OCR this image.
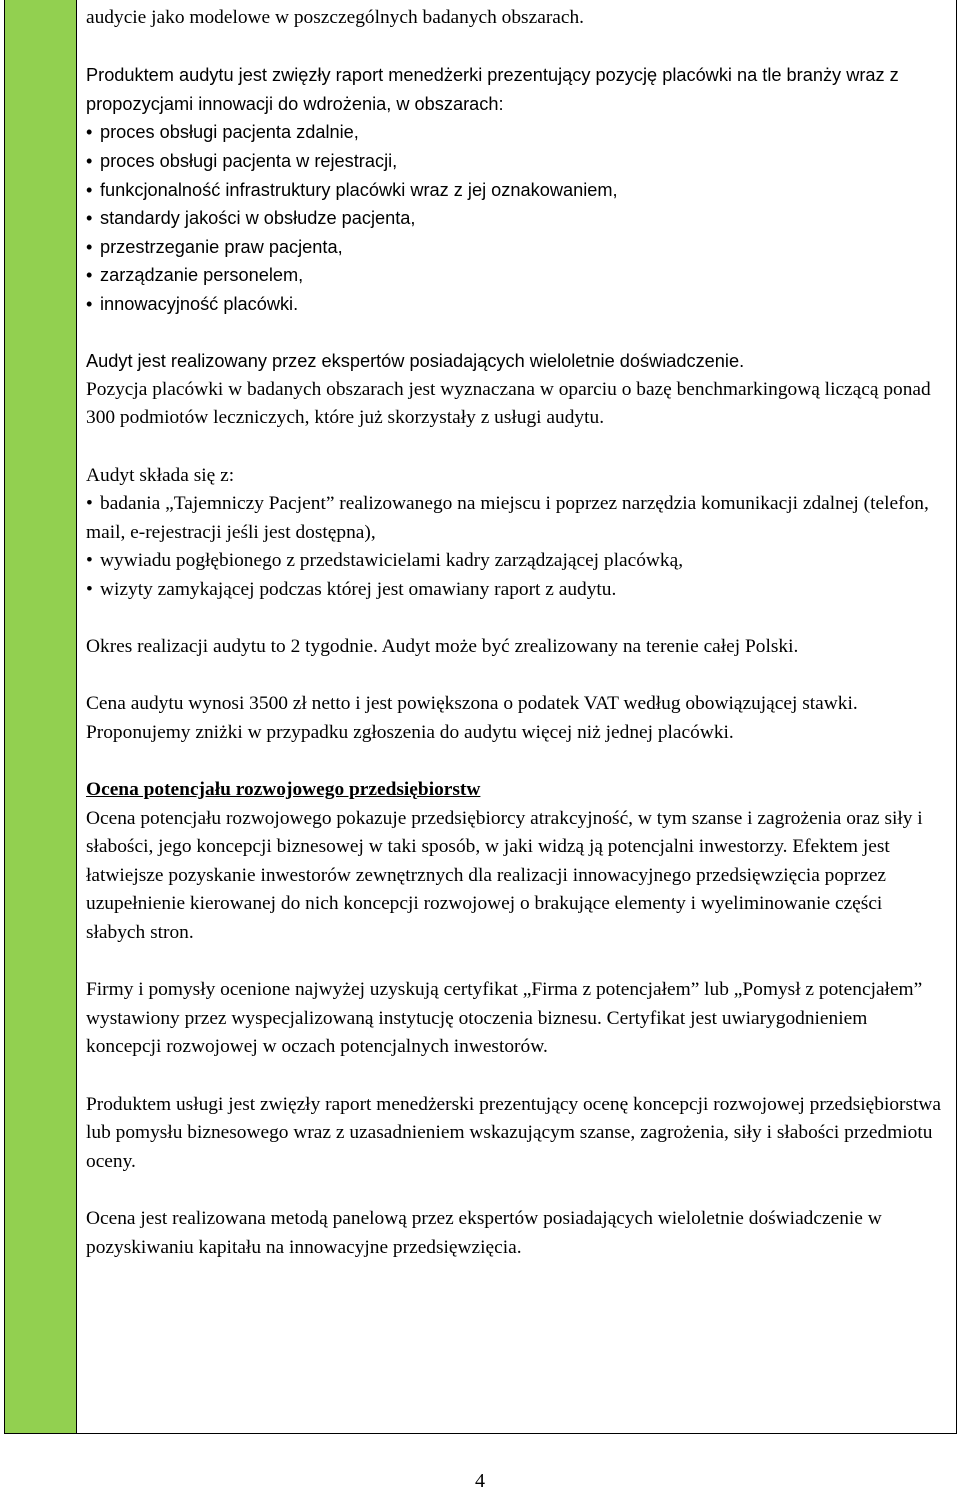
audycie jako modelowe w poszczególnych badanych obszarach.

Produktem audytu jest zwięzły raport menedżerki prezentujący pozycję placówki na tle branży wraz z propozycjami innowacji do wdrożenia, w obszarach:

• proces obsługi pacjenta zdalnie,
• proces obsługi pacjenta w rejestracji,
• funkcjonalność infrastruktury placówki wraz z jej oznakowaniem,
• standardy jakości w obsłudze pacjenta,
• przestrzeganie praw pacjenta,
• zarządzanie personelem,
• innowacyjność placówki.

Audyt jest realizowany przez ekspertów posiadających wieloletnie doświadczenie.

Pozycja placówki w badanych obszarach jest wyznaczana w oparciu o bazę benchmarkingową liczącą ponad 300 podmiotów leczniczych, które już skorzystały z usługi audytu.

Audyt składa się z:

• badania „Tajemniczy Pacjent” realizowanego na miejscu i poprzez narzędzia komunikacji zdalnej (telefon, mail, e-rejestracji jeśli jest dostępna),
• wywiadu pogłębionego z przedstawicielami kadry zarządzającej placówką,
• wizyty zamykającej podczas której jest omawiany raport z audytu.

Okres realizacji audytu to 2 tygodnie. Audyt może być zrealizowany na terenie całej Polski.

Cena audytu wynosi 3500 zł netto i jest powiększona o podatek VAT według obowiązującej stawki. Proponujemy zniżki w przypadku zgłoszenia do audytu więcej niż jednej placówki.

Ocena potencjału rozwojowego przedsiębiorstw

Ocena potencjału rozwojowego pokazuje przedsiębiorcy atrakcyjność, w tym szanse i zagrożenia oraz siły i słabości, jego koncepcji biznesowej w taki sposób, w jaki widzą ją potencjalni inwestorzy. Efektem jest łatwiejsze pozyskanie inwestorów zewnętrznych dla realizacji innowacyjnego przedsięwzięcia poprzez uzupełnienie kierowanej do nich koncepcji rozwojowej o brakujące elementy i wyeliminowanie części słabych stron.

Firmy i pomysły ocenione najwyżej uzyskują certyfikat „Firma z potencjałem” lub „Pomysł z potencjałem” wystawiony przez wyspecjalizowaną instytucję otoczenia biznesu. Certyfikat jest uwiarygodnieniem koncepcji rozwojowej w oczach potencjalnych inwestorów.

Produktem usługi jest zwięzły raport menedżerski prezentujący ocenę koncepcji rozwojowej przedsiębiorstwa lub pomysłu biznesowego wraz z uzasadnieniem wskazującym szanse, zagrożenia, siły i słabości przedmiotu oceny.

Ocena jest realizowana metodą panelową przez ekspertów posiadających wieloletnie doświadczenie w pozyskiwaniu kapitału na innowacyjne przedsięwzięcia.

4
